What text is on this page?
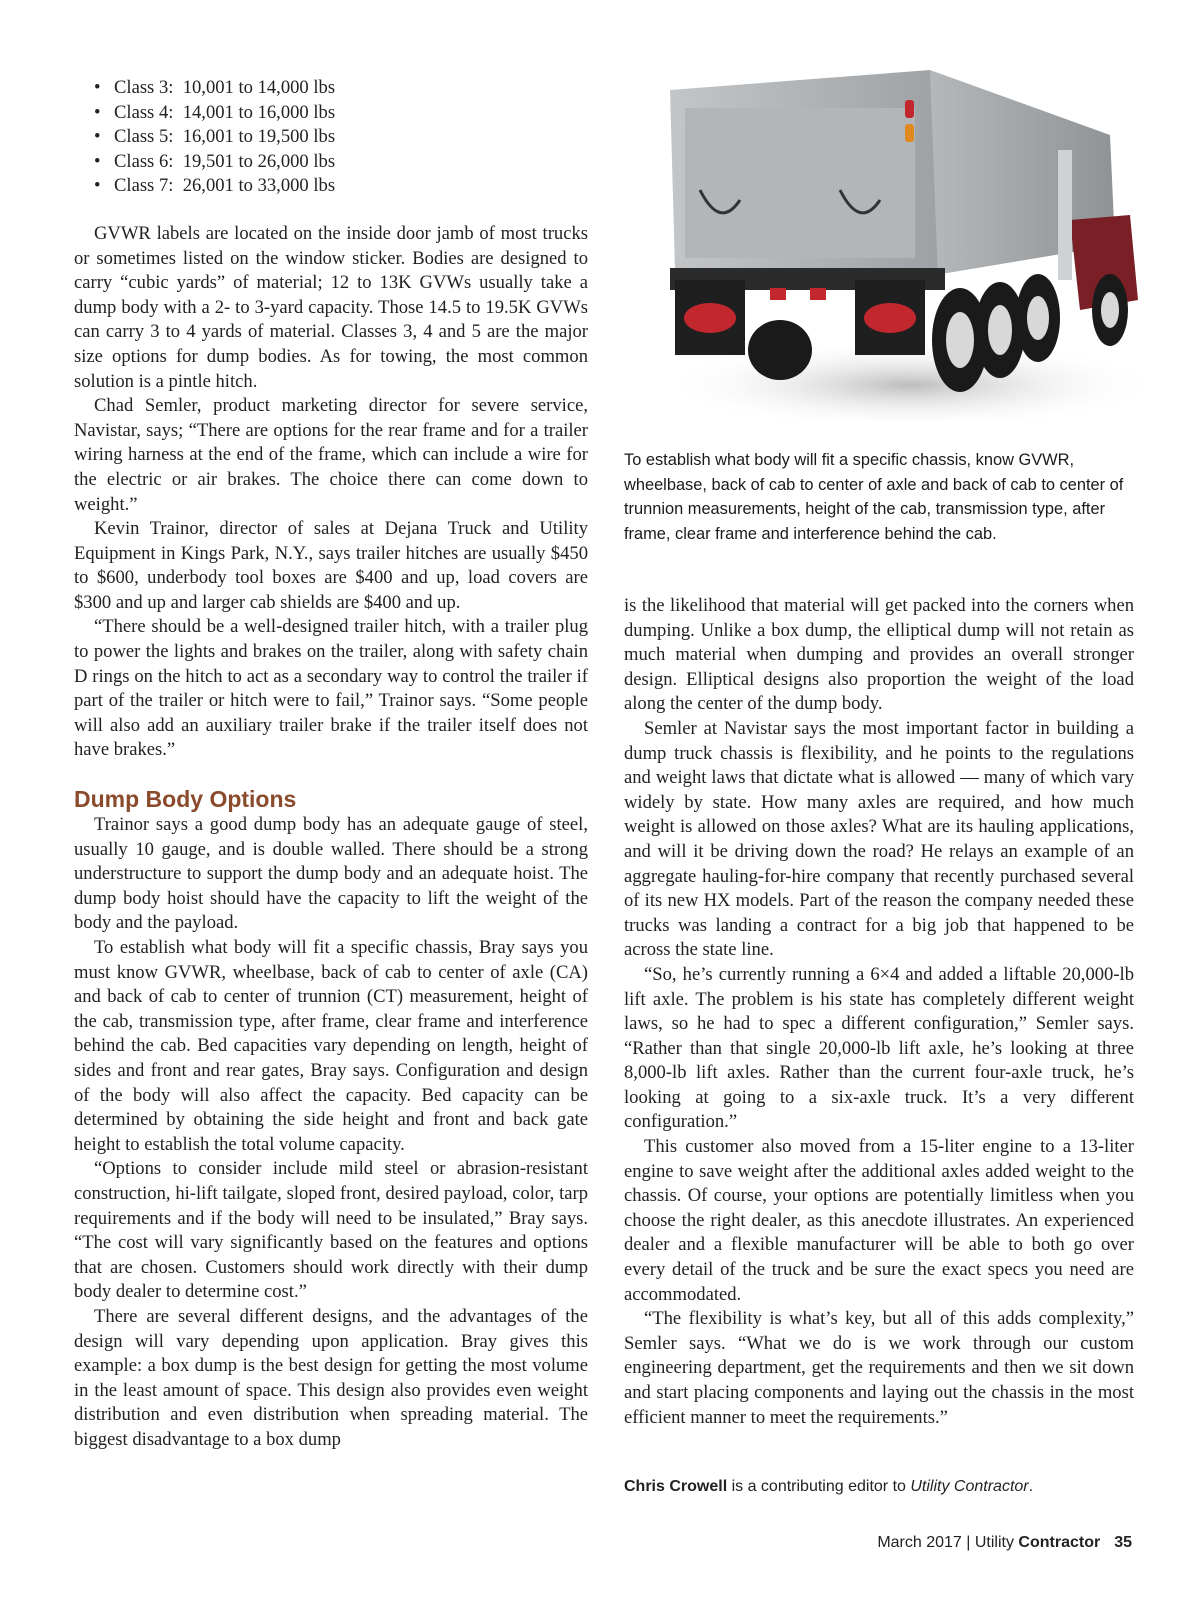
• Class 3:  10,001 to 14,000 lbs
• Class 4:  14,001 to 16,000 lbs
• Class 5:  16,001 to 19,500 lbs
• Class 6:  19,501 to 26,000 lbs
• Class 7:  26,001 to 33,000 lbs

GVWR labels are located on the inside door jamb of most trucks or sometimes listed on the window sticker. Bodies are designed to carry “cubic yards” of material; 12 to 13K GVWs usually take a dump body with a 2- to 3-yard capacity. Those 14.5 to 19.5K GVWs can carry 3 to 4 yards of material. Classes 3, 4 and 5 are the major size options for dump bodies. As for towing, the most common solution is a pintle hitch.

Chad Semler, product marketing director for severe service, Navistar, says; “There are options for the rear frame and for a trailer wiring harness at the end of the frame, which can include a wire for the electric or air brakes. The choice there can come down to weight.”

Kevin Trainor, director of sales at Dejana Truck and Utility Equipment in Kings Park, N.Y., says trailer hitches are usually $450 to $600, underbody tool boxes are $400 and up, load covers are $300 and up and larger cab shields are $400 and up.

“There should be a well-designed trailer hitch, with a trailer plug to power the lights and brakes on the trailer, along with safety chain D rings on the hitch to act as a secondary way to control the trailer if part of the trailer or hitch were to fail,” Trainor says. “Some people will also add an auxiliary trailer brake if the trailer itself does not have brakes.”

Dump Body Options

Trainor says a good dump body has an adequate gauge of steel, usually 10 gauge, and is double walled. There should be a strong understructure to support the dump body and an adequate hoist. The dump body hoist should have the capacity to lift the weight of the body and the payload.

To establish what body will fit a specific chassis, Bray says you must know GVWR, wheelbase, back of cab to center of axle (CA) and back of cab to center of trunnion (CT) measurement, height of the cab, transmission type, after frame, clear frame and interference behind the cab. Bed capacities vary depending on length, height of sides and front and rear gates, Bray says. Configuration and design of the body will also affect the capacity. Bed capacity can be determined by obtaining the side height and front and back gate height to establish the total volume capacity.

“Options to consider include mild steel or abrasion-resistant construction, hi-lift tailgate, sloped front, desired payload, color, tarp requirements and if the body will need to be insulated,” Bray says. “The cost will vary significantly based on the features and options that are chosen. Customers should work directly with their dump body dealer to determine cost.”

There are several different designs, and the advantages of the design will vary depending upon application. Bray gives this example: a box dump is the best design for getting the most volume in the least amount of space. This design also provides even weight distribution and even distribution when spreading material. The biggest disadvantage to a box dump

To establish what body will fit a specific chassis, know GVWR, wheelbase, back of cab to center of axle and back of cab to center of trunnion measurements, height of the cab, transmission type, after frame, clear frame and interference behind the cab.

is the likelihood that material will get packed into the corners when dumping. Unlike a box dump, the elliptical dump will not retain as much material when dumping and provides an overall stronger design. Elliptical designs also proportion the weight of the load along the center of the dump body.

Semler at Navistar says the most important factor in building a dump truck chassis is flexibility, and he points to the regulations and weight laws that dictate what is allowed — many of which vary widely by state. How many axles are required, and how much weight is allowed on those axles? What are its hauling applications, and will it be driving down the road? He relays an example of an aggregate hauling-for-hire company that recently purchased several of its new HX models. Part of the reason the company needed these trucks was landing a contract for a big job that happened to be across the state line.

“So, he’s currently running a 6×4 and added a liftable 20,000-lb lift axle. The problem is his state has completely different weight laws, so he had to spec a different configuration,” Semler says. “Rather than that single 20,000-lb lift axle, he’s looking at three 8,000-lb lift axles. Rather than the current four-axle truck, he’s looking at going to a six-axle truck. It’s a very different configuration.”

This customer also moved from a 15-liter engine to a 13-liter engine to save weight after the additional axles added weight to the chassis. Of course, your options are potentially limitless when you choose the right dealer, as this anecdote illustrates. An experienced dealer and a flexible manufacturer will be able to both go over every detail of the truck and be sure the exact specs you need are accommodated.

“The flexibility is what’s key, but all of this adds complexity,” Semler says. “What we do is we work through our custom engineering department, get the requirements and then we sit down and start placing components and laying out the chassis in the most efficient manner to meet the requirements.”

Chris Crowell is a contributing editor to Utility Contractor.
March 2017 | Utility Contractor 35
